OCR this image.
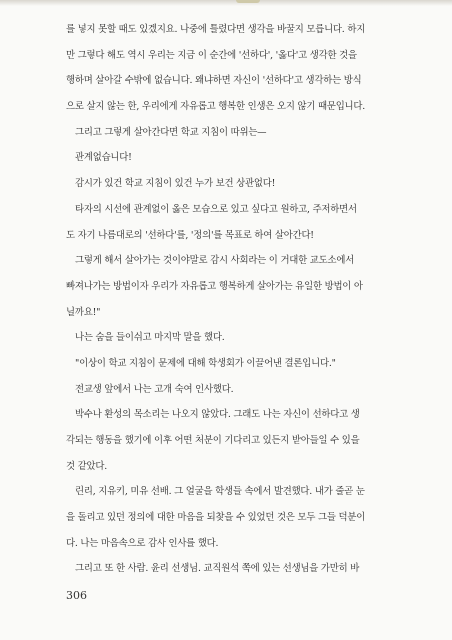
를 넣지 못할 때도 있겠지요. 나중에 틀렸다면 생각을 바꿀지 모릅니다. 하지
만 그렇다 해도 역시 우리는 지금 이 순간에 '선하다', '옳다'고 생각한 것을
행하며 살아갈 수밖에 없습니다. 왜냐하면 자신이 '선하다'고 생각하는 방식
으로 살지 않는 한, 우리에게 자유롭고 행복한 인생은 오지 않기 때문입니다.
그리고 그렇게 살아간다면 학교 지침이 따위는—
관계없습니다!
감시가 있건 학교 지침이 있건 누가 보건 상관없다!
타자의 시선에 관계없이 옳은 모습으로 있고 싶다고 원하고, 주저하면서
도 자기 나름대로의 '선하다'를, '정의'를 목표로 하여 살아간다!
그렇게 해서 살아가는 것이야말로 감시 사회라는 이 거대한 교도소에서
빠져나가는 방법이자 우리가 자유롭고 행복하게 살아가는 유일한 방법이 아
닐까요!"
나는 숨을 들이쉬고 마지막 말을 했다.
"이상이 학교 지침이 문제에 대해 학생회가 이끌어낸 결론입니다."
전교생 앞에서 나는 고개 숙여 인사했다.
박수나 환성의 목소리는 나오지 않았다. 그래도 나는 자신이 선하다고 생
각되는 행동을 했기에 이후 어떤 처분이 기다리고 있든지 받아들일 수 있을
것 같았다.
린리, 지유키, 미유 선배. 그 얼굴을 학생들 속에서 발견했다. 내가 줄곧 눈
을 돌리고 있던 정의에 대한 마음을 되찾을 수 있었던 것은 모두 그들 덕분이
다. 나는 마음속으로 감사 인사를 했다.
그리고 또 한 사람. 윤리 선생님. 교직원석 쪽에 있는 선생님을 가만히 바
306
